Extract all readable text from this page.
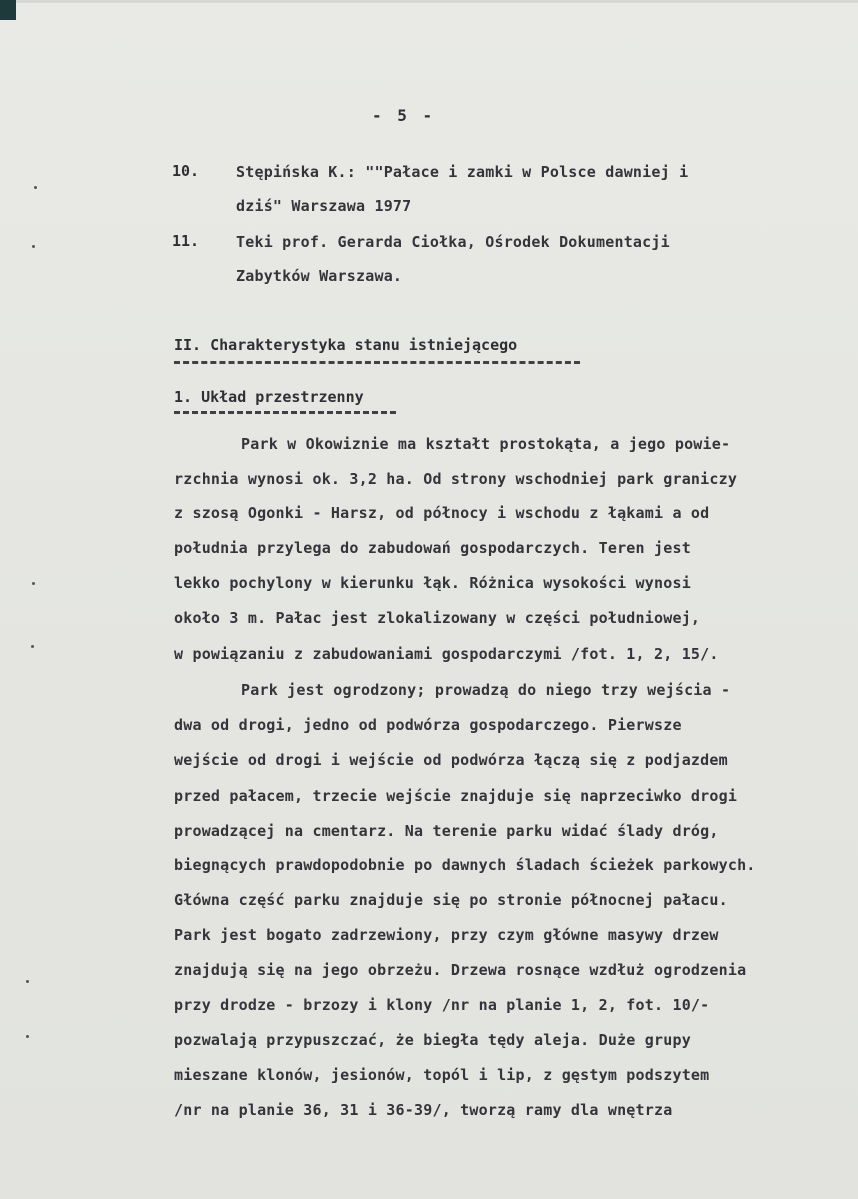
- 5 -
10. Stępińska K.: ""Pałace i zamki w Polsce dawniej i
dziś" Warszawa 1977
11. Teki prof. Gerarda Ciołka, Ośrodek Dokumentacji
Zabytków Warszawa.
II. Charakterystyka stanu istniejącego
1. Układ przestrzenny
Park w Okowiznie ma kształt prostokąta, a jego powie-
rzchnia wynosi ok. 3,2 ha. Od strony wschodniej park graniczy
z szosą Ogonki - Harsz, od północy i wschodu z łąkami a od
południa przylega do zabudowań gospodarczych. Teren jest
lekko pochylony w kierunku łąk. Różnica wysokości wynosi
około 3 m. Pałac jest zlokalizowany w części południowej,
w powiązaniu z zabudowaniami gospodarczymi /fot. 1, 2, 15/.
Park jest ogrodzony; prowadzą do niego trzy wejścia -
dwa od drogi, jedno od podwórza gospodarczego. Pierwsze
wejście od drogi i wejście od podwórza łączą się z podjazdem
przed pałacem, trzecie wejście znajduje się naprzeciwko drogi
prowadzącej na cmentarz. Na terenie parku widać ślady dróg,
biegnących prawdopodobnie po dawnych śladach ścieżek parkowych.
Główna część parku znajduje się po stronie północnej pałacu.
Park jest bogato zadrzewiony, przy czym główne masywy drzew
znajdują się na jego obrzeżu. Drzewa rosnące wzdłuż ogrodzenia
przy drodze - brzozy i klony /nr na planie 1, 2, fot. 10/-
pozwalają przypuszczać, że biegła tędy aleja. Duże grupy
mieszane klonów, jesionów, topól i lip, z gęstym podszytem
/nr na planie 36, 31 i 36-39/, tworzą ramy dla wnętrza
